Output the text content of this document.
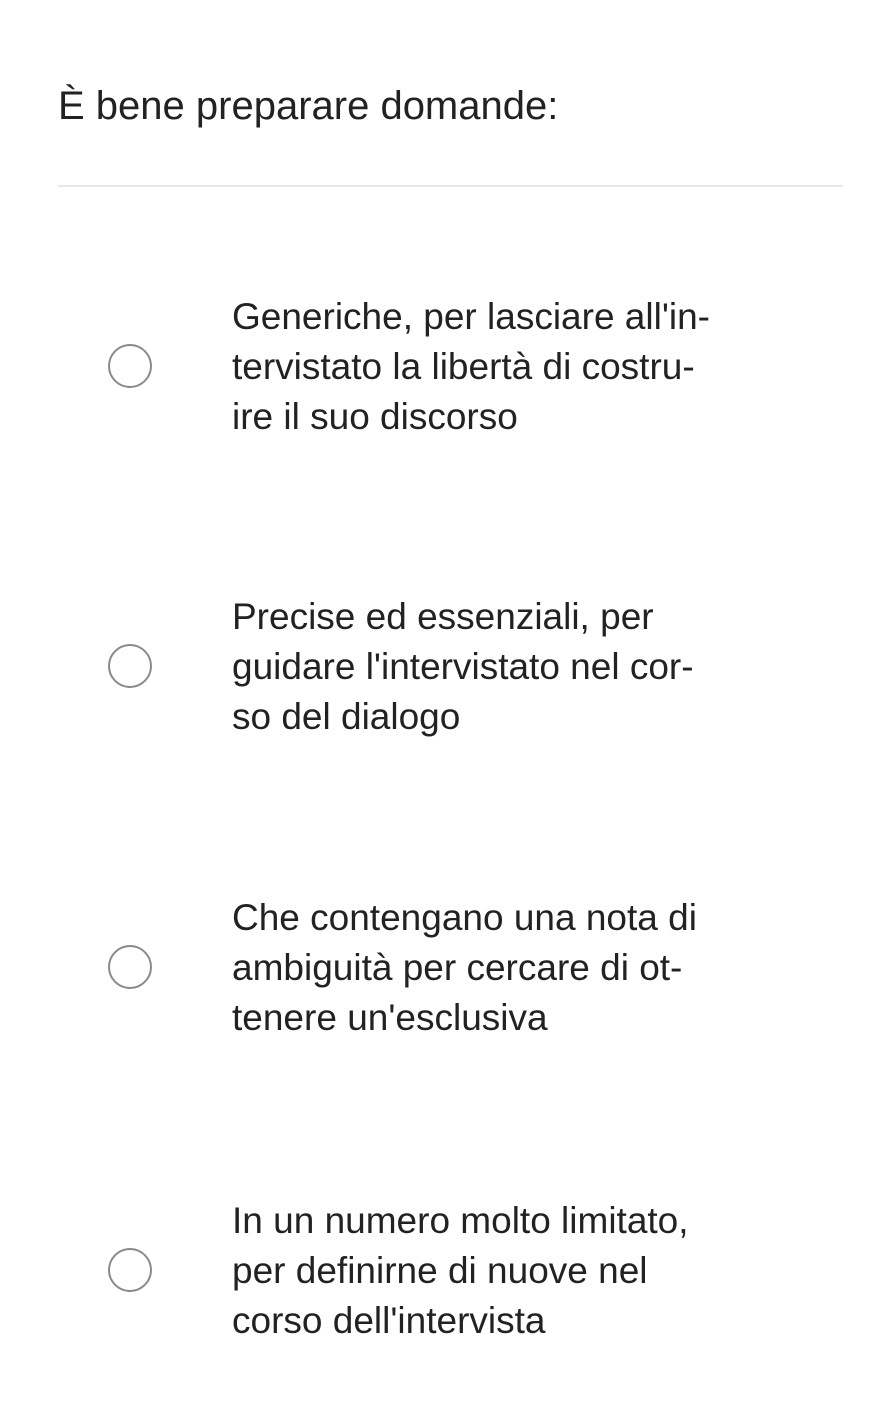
È bene preparare domande:
Generiche, per lasciare all'in-
tervistato la libertà di costru-
ire il suo discorso
Precise ed essenziali, per
guidare l'intervistato nel cor-
so del dialogo
Che contengano una nota di
ambiguità per cercare di ot-
tenere un'esclusiva
In un numero molto limitato,
per definirne di nuove nel
corso dell'intervista
